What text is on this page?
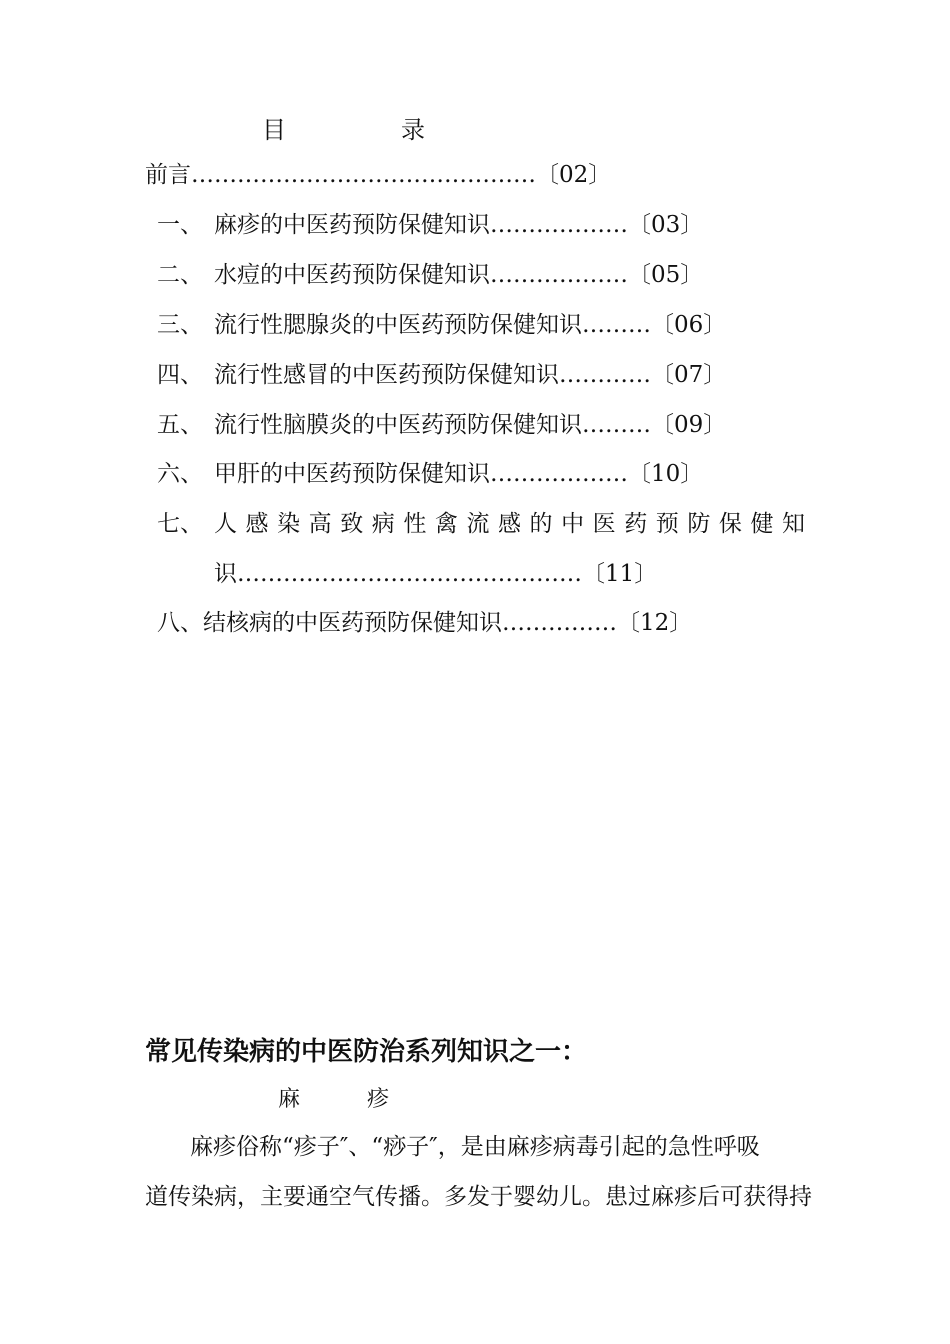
目	录
前言………………………………………〔02〕
一、 麻疹的中医药预防保健知识………………〔03〕
二、 水痘的中医药预防保健知识………………〔05〕
三、 流行性腮腺炎的中医药预防保健知识………〔06〕
四、 流行性感冒的中医药预防保健知识…………〔07〕
五、 流行性脑膜炎的中医药预防保健知识………〔09〕
六、 甲肝的中医药预防保健知识………………〔10〕
七、 人 感 染 高 致 病 性 禽 流 感 的 中 医 药 预 防 保 健 知
识………………………………………〔11〕
八、结核病的中医药预防保健知识……………〔12〕
常见传染病的中医防治系列知识之一：
麻	疹
麻疹俗称“疹子″、“痧子″，是由麻疹病毒引起的急性呼吸
道传染病，主要通空气传播。多发于婴幼儿。患过麻疹后可获得持
